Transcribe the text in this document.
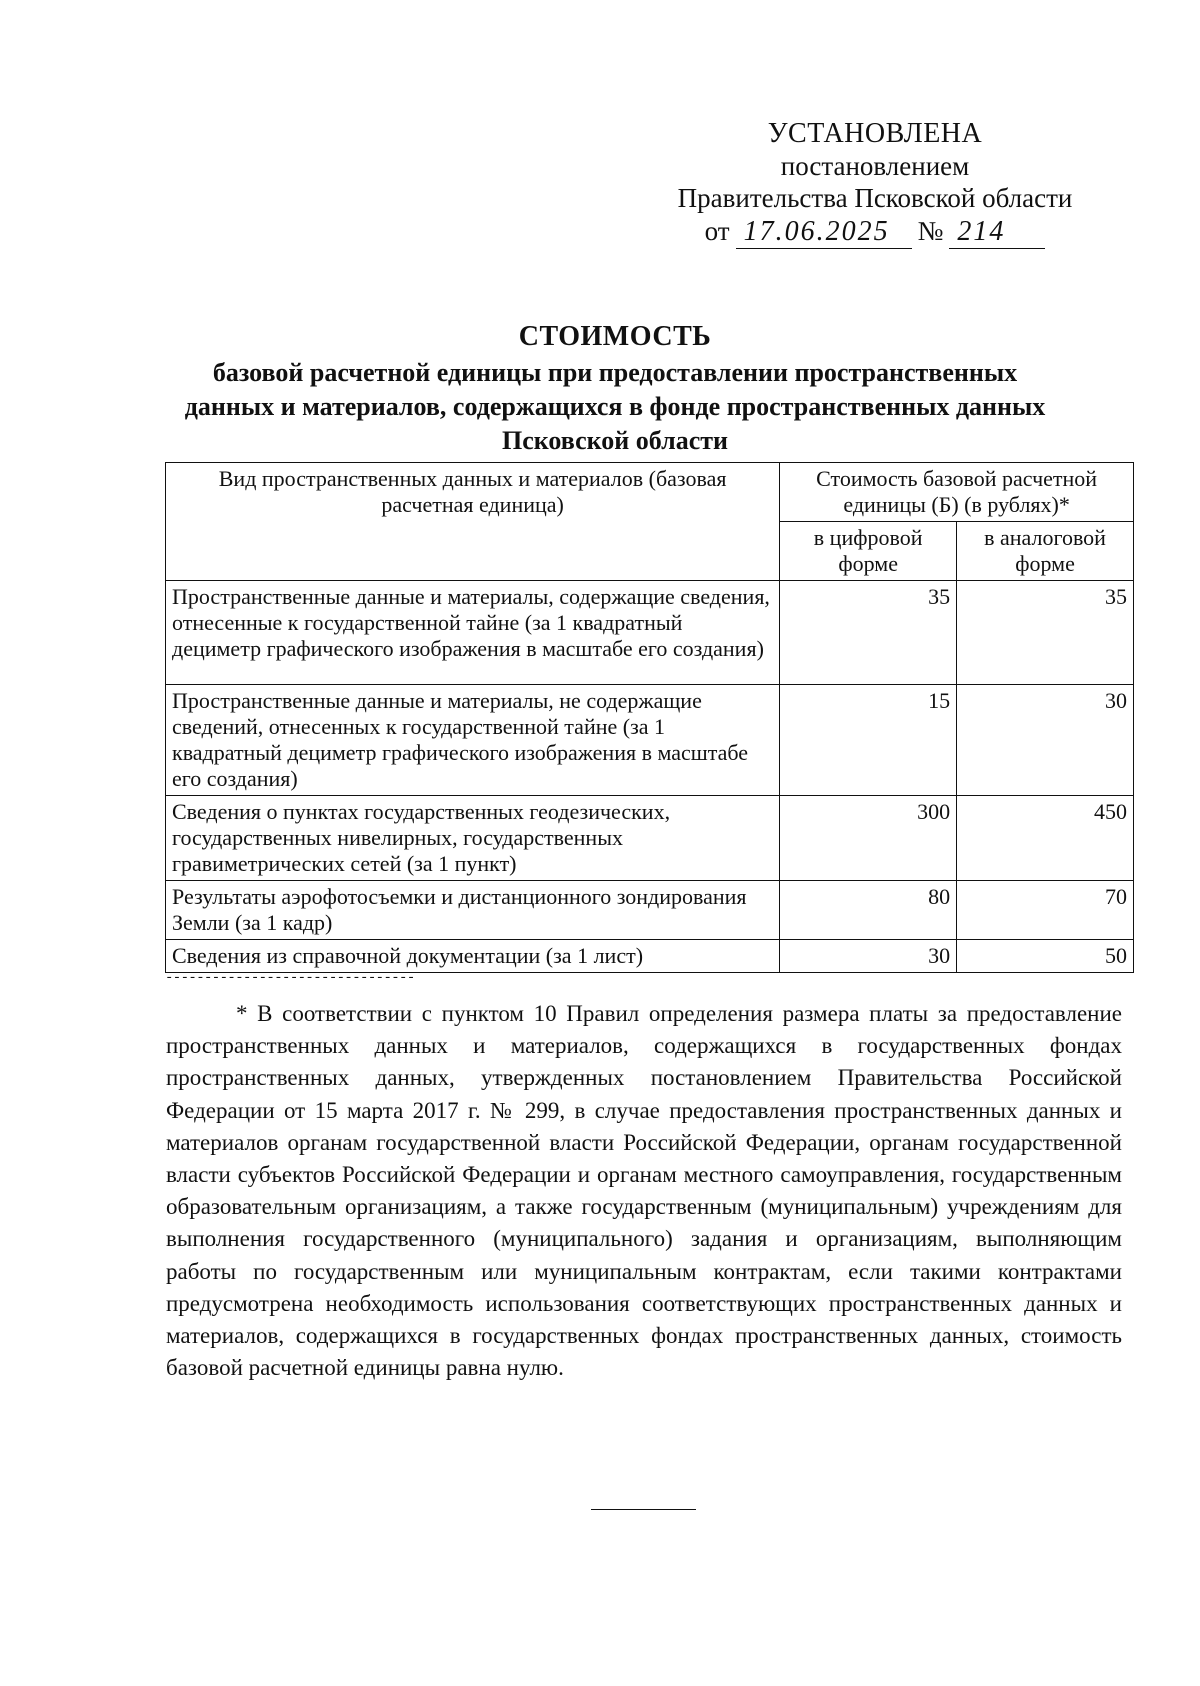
УСТАНОВЛЕНА
постановлением
Правительства Псковской области
от 17.06.2025	№ 214
СТОИМОСТЬ
базовой расчетной единицы при предоставлении пространственных
данных и материалов, содержащихся в фонде пространственных данных
Псковской области
Вид пространственных данных и материалов (базовая расчетная единица)	Стоимость базовой расчетной единицы (Б) (в рублях)*	
	в цифровой форме	в аналоговой форме
Пространственные данные и материалы, содержащие сведения, отнесенные к государственной тайне (за 1 квадратный дециметр графического изображения в масштабе его создания)	35	35
Пространственные данные и материалы, не содержащие сведений, отнесенных к государственной тайне (за 1 квадратный дециметр графического изображения в масштабе его создания)	15	30
Сведения о пунктах государственных геодезических, государственных нивелирных, государственных гравиметрических сетей (за 1 пункт)	300	450
Результаты аэрофотосъемки и дистанционного зондирования Земли (за 1 кадр)	80	70
Сведения из справочной документации (за 1 лист)	30	50
--------------------------------
* В соответствии с пунктом 10 Правил определения размера платы за предоставление пространственных данных и материалов, содержащихся в государственных фондах пространственных данных, утвержденных постановлением Правительства Российской Федерации от 15 марта 2017 г. № 299, в случае предоставления пространственных данных и материалов органам государственной власти Российской Федерации, органам государственной власти субъектов Российской Федерации и органам местного самоуправления, государственным образовательным организациям, а также государственным (муниципальным) учреждениям для выполнения государственного (муниципального) задания и организациям, выполняющим работы по государственным или муниципальным контрактам, если такими контрактами предусмотрена необходимость использования соответствующих пространственных данных и материалов, содержащихся в государственных фондах пространственных данных, стоимость базовой расчетной единицы равна нулю.
